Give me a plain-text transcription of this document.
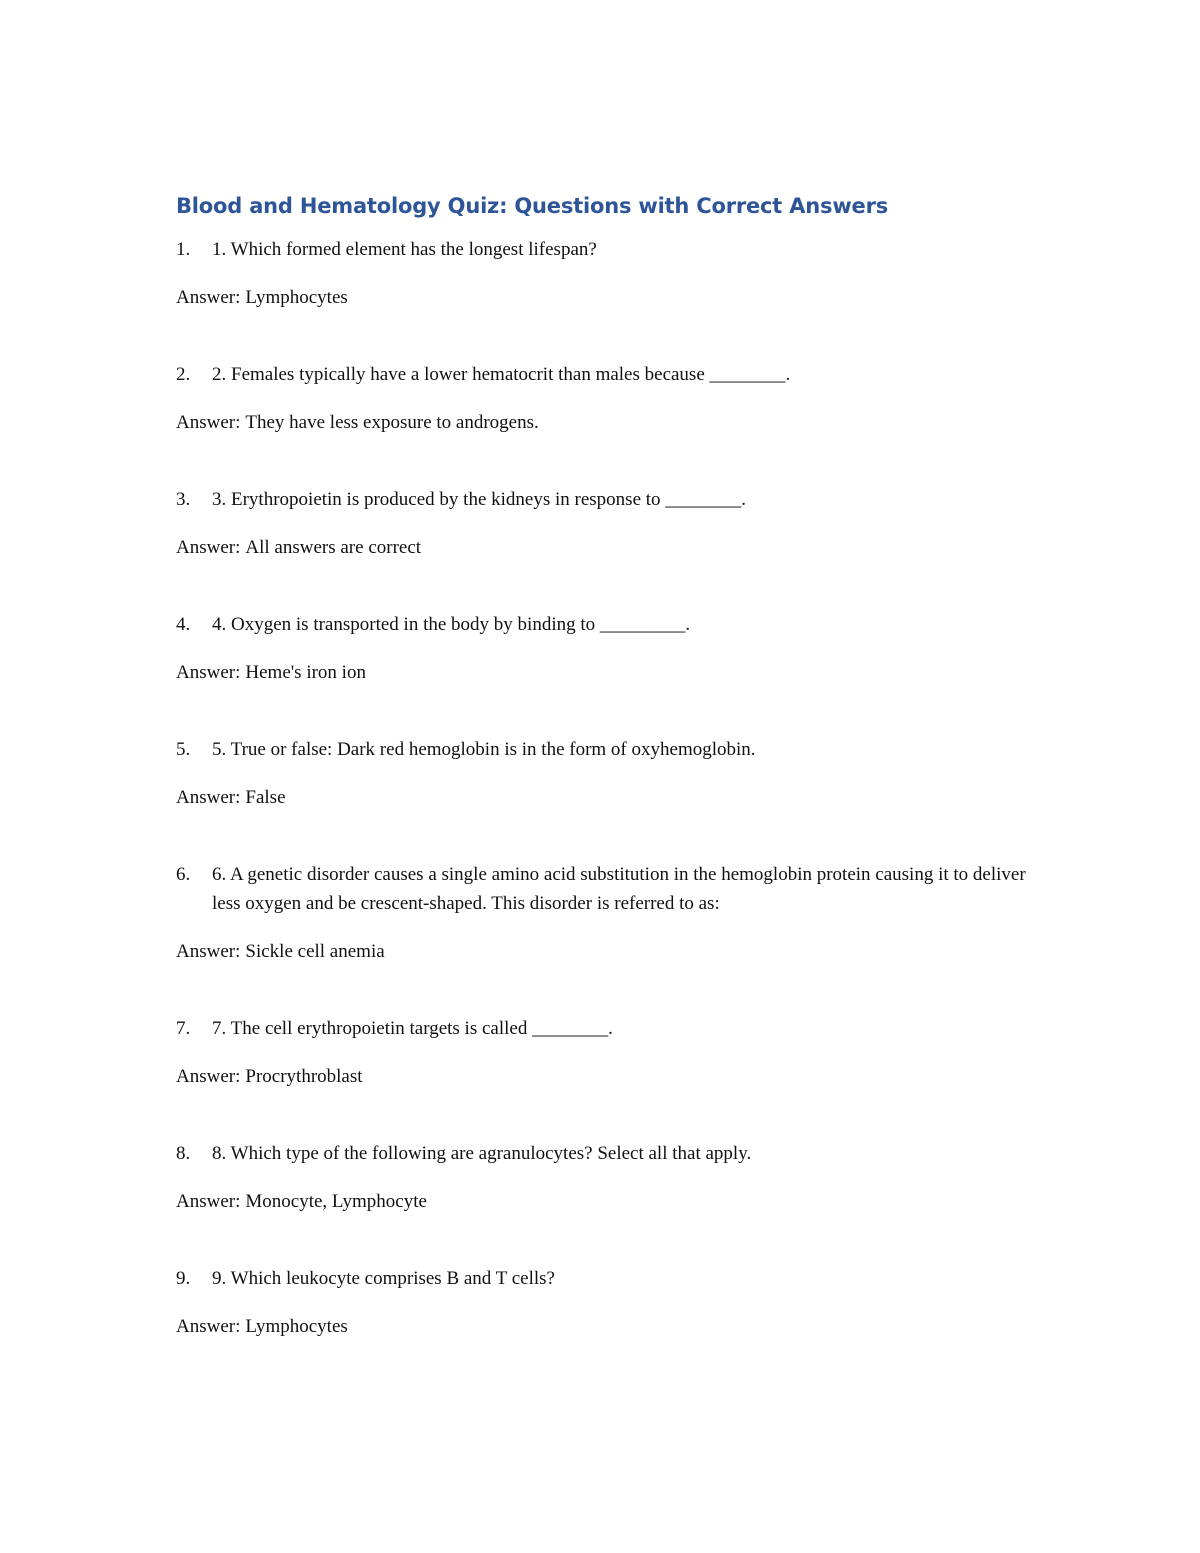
Blood and Hematology Quiz: Questions with Correct Answers

1.	1. Which formed element has the longest lifespan?

Answer: Lymphocytes

2.	2. Females typically have a lower hematocrit than males because ________.

Answer: They have less exposure to androgens.

3.	3. Erythropoietin is produced by the kidneys in response to ________.

Answer: All answers are correct

4.	4. Oxygen is transported in the body by binding to _________.

Answer: Heme's iron ion

5.	5. True or false: Dark red hemoglobin is in the form of oxyhemoglobin.

Answer: False

6.	6. A genetic disorder causes a single amino acid substitution in the hemoglobin protein causing it to deliver less oxygen and be crescent-shaped. This disorder is referred to as:

Answer: Sickle cell anemia

7.	7. The cell erythropoietin targets is called ________.

Answer: Procrythroblast

8.	8. Which type of the following are agranulocytes? Select all that apply.

Answer: Monocyte, Lymphocyte

9.	9. Which leukocyte comprises B and T cells?

Answer: Lymphocytes
